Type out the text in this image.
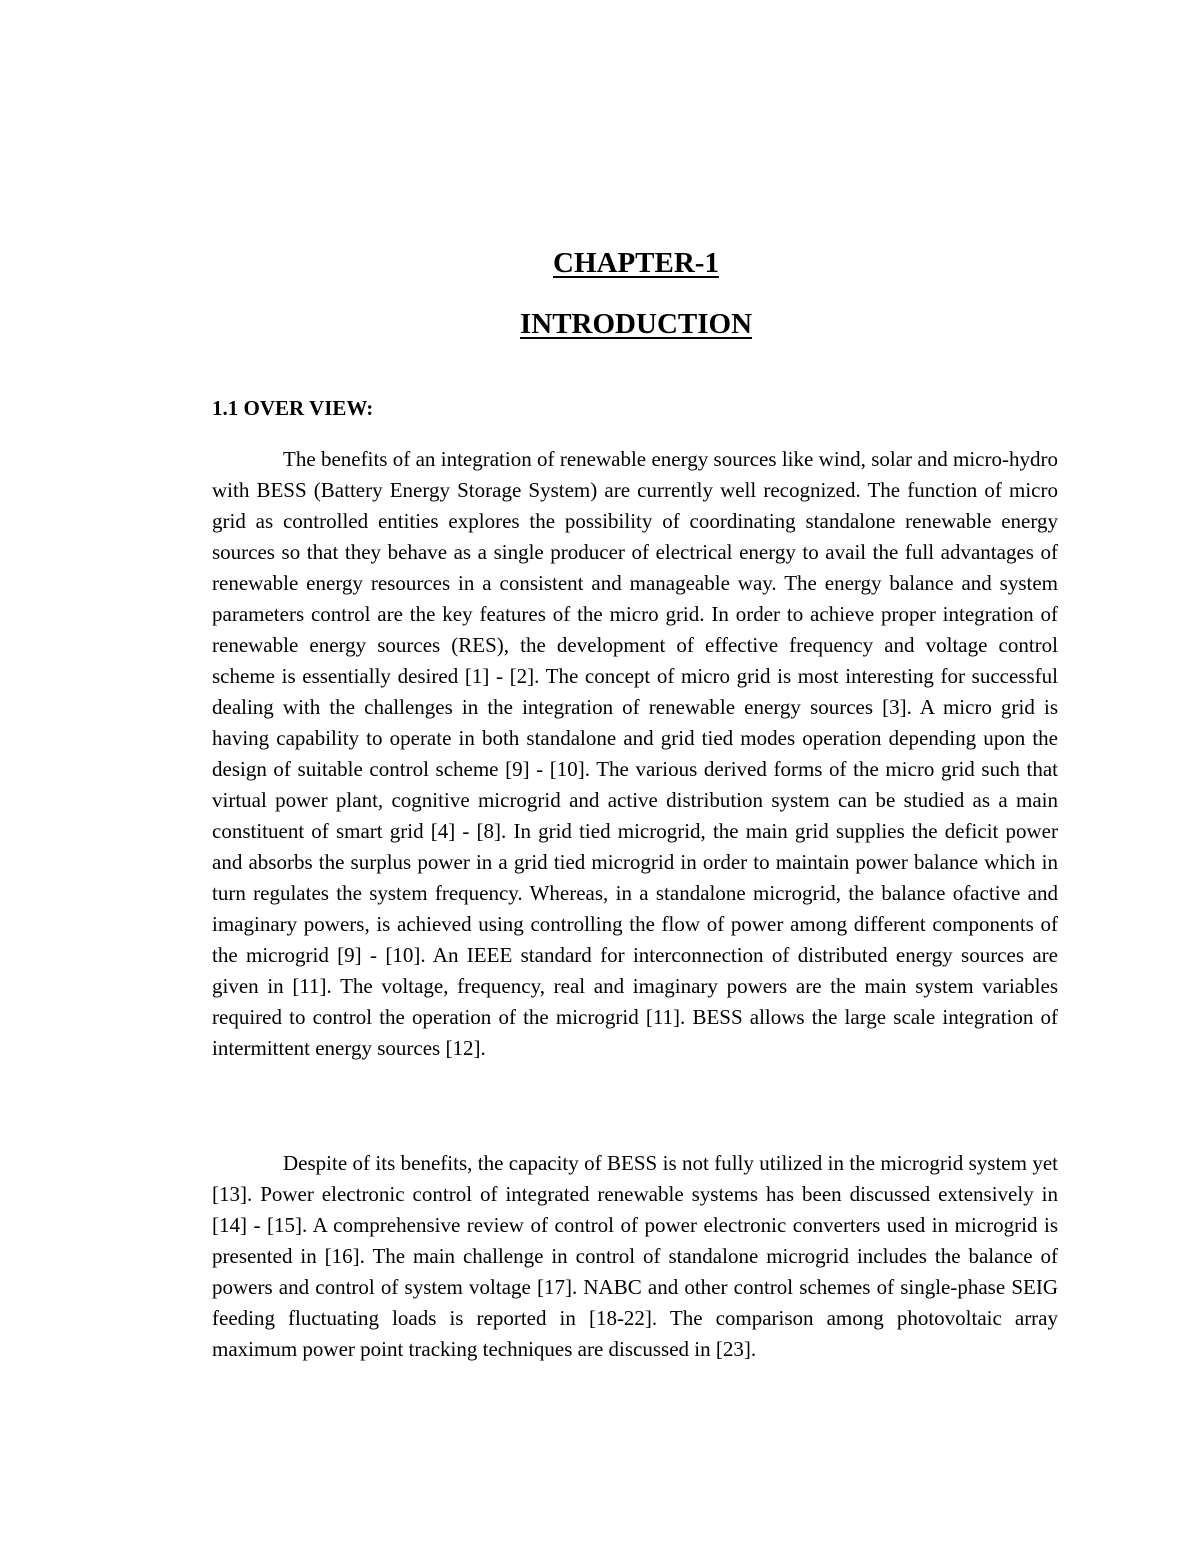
CHAPTER-1
INTRODUCTION
1.1 OVER VIEW:

The benefits of an integration of renewable energy sources like wind, solar and micro-hydro with BESS (Battery Energy Storage System) are currently well recognized. The function of micro grid as controlled entities explores the possibility of coordinating standalone renewable energy sources so that they behave as a single producer of electrical energy to avail the full advantages of renewable energy resources in a consistent and manageable way. The energy balance and system parameters control are the key features of the micro grid. In order to achieve proper integration of renewable energy sources (RES), the development of effective frequency and voltage control scheme is essentially desired [1] - [2]. The concept of micro grid is most interesting for successful dealing with the challenges in the integration of renewable energy sources [3]. A micro grid is having capability to operate in both standalone and grid tied modes operation depending upon the design of suitable control scheme [9] - [10]. The various derived forms of the micro grid such that virtual power plant, cognitive microgrid and active distribution system can be studied as a main constituent of smart grid [4] - [8]. In grid tied microgrid, the main grid supplies the deficit power and absorbs the surplus power in a grid tied microgrid in order to maintain power balance which in turn regulates the system frequency. Whereas, in a standalone microgrid, the balance ofactive and imaginary powers, is achieved using controlling the flow of power among different components of the microgrid [9] - [10]. An IEEE standard for interconnection of distributed energy sources are given in [11]. The voltage, frequency, real and imaginary powers are the main system variables required to control the operation of the microgrid [11]. BESS allows the large scale integration of intermittent energy sources [12].

Despite of its benefits, the capacity of BESS is not fully utilized in the microgrid system yet [13]. Power electronic control of integrated renewable systems has been discussed extensively in [14] - [15]. A comprehensive review of control of power electronic converters used in microgrid is presented in [16]. The main challenge in control of standalone microgrid includes the balance of powers and control of system voltage [17]. NABC and other control schemes of single-phase SEIG feeding fluctuating loads is reported in [18-22]. The comparison among photovoltaic array maximum power point tracking techniques are discussed in [23].
